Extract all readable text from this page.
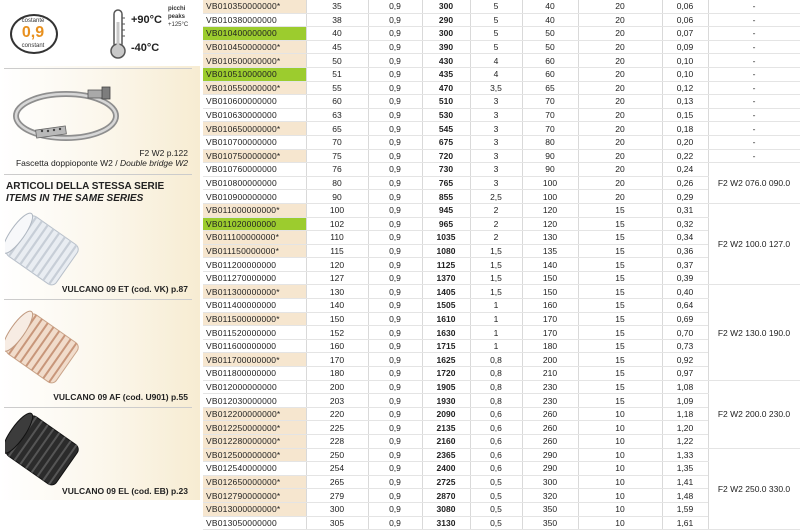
costante
0,9
constant
+90°C
-40°C
picchi
peaks
+125°C
F2 W2 p.122
Fascetta doppioponte W2 / Double bridge W2
ARTICOLI DELLA STESSA SERIE
ITEMS IN THE SAME SERIES
VULCANO 09 ET (cod. VK) p.87
VULCANO 09 AF (cod. U901) p.55
VULCANO 09 EL (cod. EB) p.23
VB010350000000*	35	0,9	300	5	40	20	0,06	-
VB010380000000	38	0,9	290	5	40	20	0,06	-
VB010400000000	40	0,9	300	5	50	20	0,07	-
VB010450000000*	45	0,9	390	5	50	20	0,09	-
VB010500000000*	50	0,9	430	4	60	20	0,10	-
VB010510000000	51	0,9	435	4	60	20	0,10	-
VB010550000000*	55	0,9	470	3,5	65	20	0,12	-
VB010600000000	60	0,9	510	3	70	20	0,13	-
VB010630000000	63	0,9	530	3	70	20	0,15	-
VB010650000000*	65	0,9	545	3	70	20	0,18	-
VB010700000000	70	0,9	675	3	80	20	0,20	-
VB010750000000*	75	0,9	720	3	90	20	0,22	-
VB010760000000	76	0,9	730	3	90	20	0,24	F2 W2 076.0 090.0
VB010800000000	80	0,9	765	3	100	20	0,26	
VB010900000000	90	0,9	855	2,5	100	20	0,29	
VB011000000000*	100	0,9	945	2	120	15	0,31	F2 W2 100.0 127.0
VB011020000000	102	0,9	965	2	120	15	0,32	
VB011100000000*	110	0,9	1035	2	130	15	0,34	
VB011150000000*	115	0,9	1080	1,5	135	15	0,36	
VB011200000000	120	0,9	1125	1,5	140	15	0,37	
VB011270000000	127	0,9	1370	1,5	150	15	0,39	
VB011300000000*	130	0,9	1405	1,5	150	15	0,40	F2 W2 130.0 190.0
VB011400000000	140	0,9	1505	1	160	15	0,64	
VB011500000000*	150	0,9	1610	1	170	15	0,69	
VB011520000000	152	0,9	1630	1	170	15	0,70	
VB011600000000	160	0,9	1715	1	180	15	0,73	
VB011700000000*	170	0,9	1625	0,8	200	15	0,92	
VB011800000000	180	0,9	1720	0,8	210	15	0,97	
VB012000000000	200	0,9	1905	0,8	230	15	1,08	F2 W2 200.0 230.0
VB012030000000	203	0,9	1930	0,8	230	15	1,09	
VB012200000000*	220	0,9	2090	0,6	260	10	1,18	
VB012250000000*	225	0,9	2135	0,6	260	10	1,20	
VB012280000000*	228	0,9	2160	0,6	260	10	1,22	
VB012500000000*	250	0,9	2365	0,6	290	10	1,33	F2 W2 250.0 330.0
VB012540000000	254	0,9	2400	0,6	290	10	1,35	
VB012650000000*	265	0,9	2725	0,5	300	10	1,41	
VB012790000000*	279	0,9	2870	0,5	320	10	1,48	
VB013000000000*	300	0,9	3080	0,5	350	10	1,59	
VB013050000000	305	0,9	3130	0,5	350	10	1,61	
